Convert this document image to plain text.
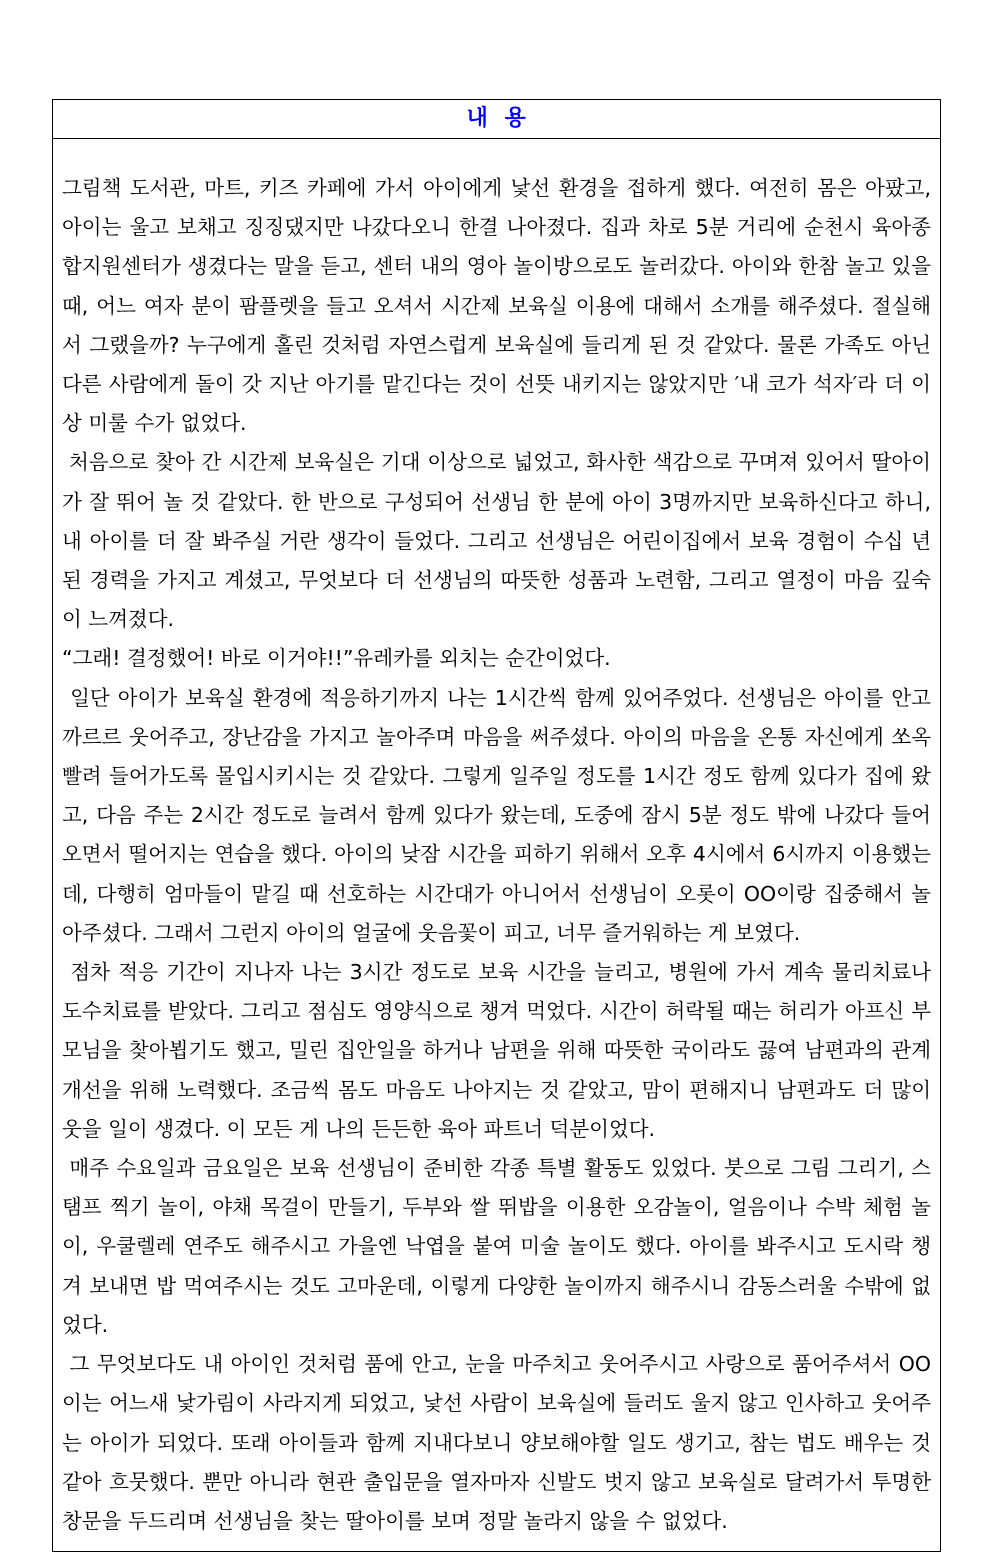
내  용

그림책 도서관, 마트, 키즈 카페에 가서 아이에게 낯선 환경을 접하게 했다. 여전히 몸은 아팠고, 아이는 울고 보채고 징징댔지만 나갔다오니 한결 나아졌다. 집과 차로 5분 거리에 순천시 육아종합지원센터가 생겼다는 말을 듣고, 센터 내의 영아 놀이방으로도 놀러갔다. 아이와 한참 놀고 있을 때, 어느 여자 분이 팜플렛을 들고 오셔서 시간제 보육실 이용에 대해서 소개를 해주셨다. 절실해서 그랬을까? 누구에게 홀린 것처럼 자연스럽게 보육실에 들리게 된 것 같았다. 물론 가족도 아닌 다른 사람에게 돌이 갓 지난 아기를 맡긴다는 것이 선뜻 내키지는 않았지만 ′내 코가 석자′라 더 이상 미룰 수가 없었다.

처음으로 찾아 간 시간제 보육실은 기대 이상으로 넓었고, 화사한 색감으로 꾸며져 있어서 딸아이가 잘 뛰어 놀 것 같았다. 한 반으로 구성되어 선생님 한 분에 아이 3명까지만 보육하신다고 하니, 내 아이를 더 잘 봐주실 거란 생각이 들었다. 그리고 선생님은 어린이집에서 보육 경험이 수십 년 된 경력을 가지고 계셨고, 무엇보다 더 선생님의 따뜻한 성품과 노련함, 그리고 열정이 마음 깊숙이 느껴졌다.

“그래! 결정했어! 바로 이거야!!”유레카를 외치는 순간이었다.

일단 아이가 보육실 환경에 적응하기까지 나는 1시간씩 함께 있어주었다. 선생님은 아이를 안고 까르르 웃어주고, 장난감을 가지고 놀아주며 마음을 써주셨다. 아이의 마음을 온통 자신에게 쏘옥 빨려 들어가도록 몰입시키시는 것 같았다. 그렇게 일주일 정도를 1시간 정도 함께 있다가 집에 왔고, 다음 주는 2시간 정도로 늘려서 함께 있다가 왔는데, 도중에 잠시 5분 정도 밖에 나갔다 들어오면서 떨어지는 연습을 했다. 아이의 낮잠 시간을 피하기 위해서 오후 4시에서 6시까지 이용했는데, 다행히 엄마들이 맡길 때 선호하는 시간대가 아니어서 선생님이 오롯이 OO이랑 집중해서 놀아주셨다. 그래서 그런지 아이의 얼굴에 웃음꽃이 피고, 너무 즐거워하는 게 보였다.

점차 적응 기간이 지나자 나는 3시간 정도로 보육 시간을 늘리고, 병원에 가서 계속 물리치료나 도수치료를 받았다. 그리고 점심도 영양식으로 챙겨 먹었다. 시간이 허락될 때는 허리가 아프신 부모님을 찾아뵙기도 했고, 밀린 집안일을 하거나 남편을 위해 따뜻한 국이라도 끓여 남편과의 관계 개선을 위해 노력했다. 조금씩 몸도 마음도 나아지는 것 같았고, 맘이 편해지니 남편과도 더 많이 웃을 일이 생겼다. 이 모든 게 나의 든든한 육아 파트너 덕분이었다.

매주 수요일과 금요일은 보육 선생님이 준비한 각종 특별 활동도 있었다. 붓으로 그림 그리기, 스탬프 찍기 놀이, 야채 목걸이 만들기, 두부와 쌀 뛰밥을 이용한 오감놀이, 얼음이나 수박 체험 놀이, 우쿨렐레 연주도 해주시고 가을엔 낙엽을 붙여 미술 놀이도 했다. 아이를 봐주시고 도시락 챙겨 보내면 밥 먹여주시는 것도 고마운데, 이렇게 다양한 놀이까지 해주시니 감동스러울 수밖에 없었다.

그 무엇보다도 내 아이인 것처럼 품에 안고, 눈을 마주치고 웃어주시고 사랑으로 품어주셔서 OO이는 어느새 낯가림이 사라지게 되었고, 낯선 사람이 보육실에 들러도 울지 않고 인사하고 웃어주는 아이가 되었다. 또래 아이들과 함께 지내다보니 양보해야할 일도 생기고, 참는 법도 배우는 것 같아 흐뭇했다. 뿐만 아니라 현관 출입문을 열자마자 신발도 벗지 않고 보육실로 달려가서 투명한 창문을 두드리며 선생님을 찾는 딸아이를 보며 정말 놀라지 않을 수 없었다.
